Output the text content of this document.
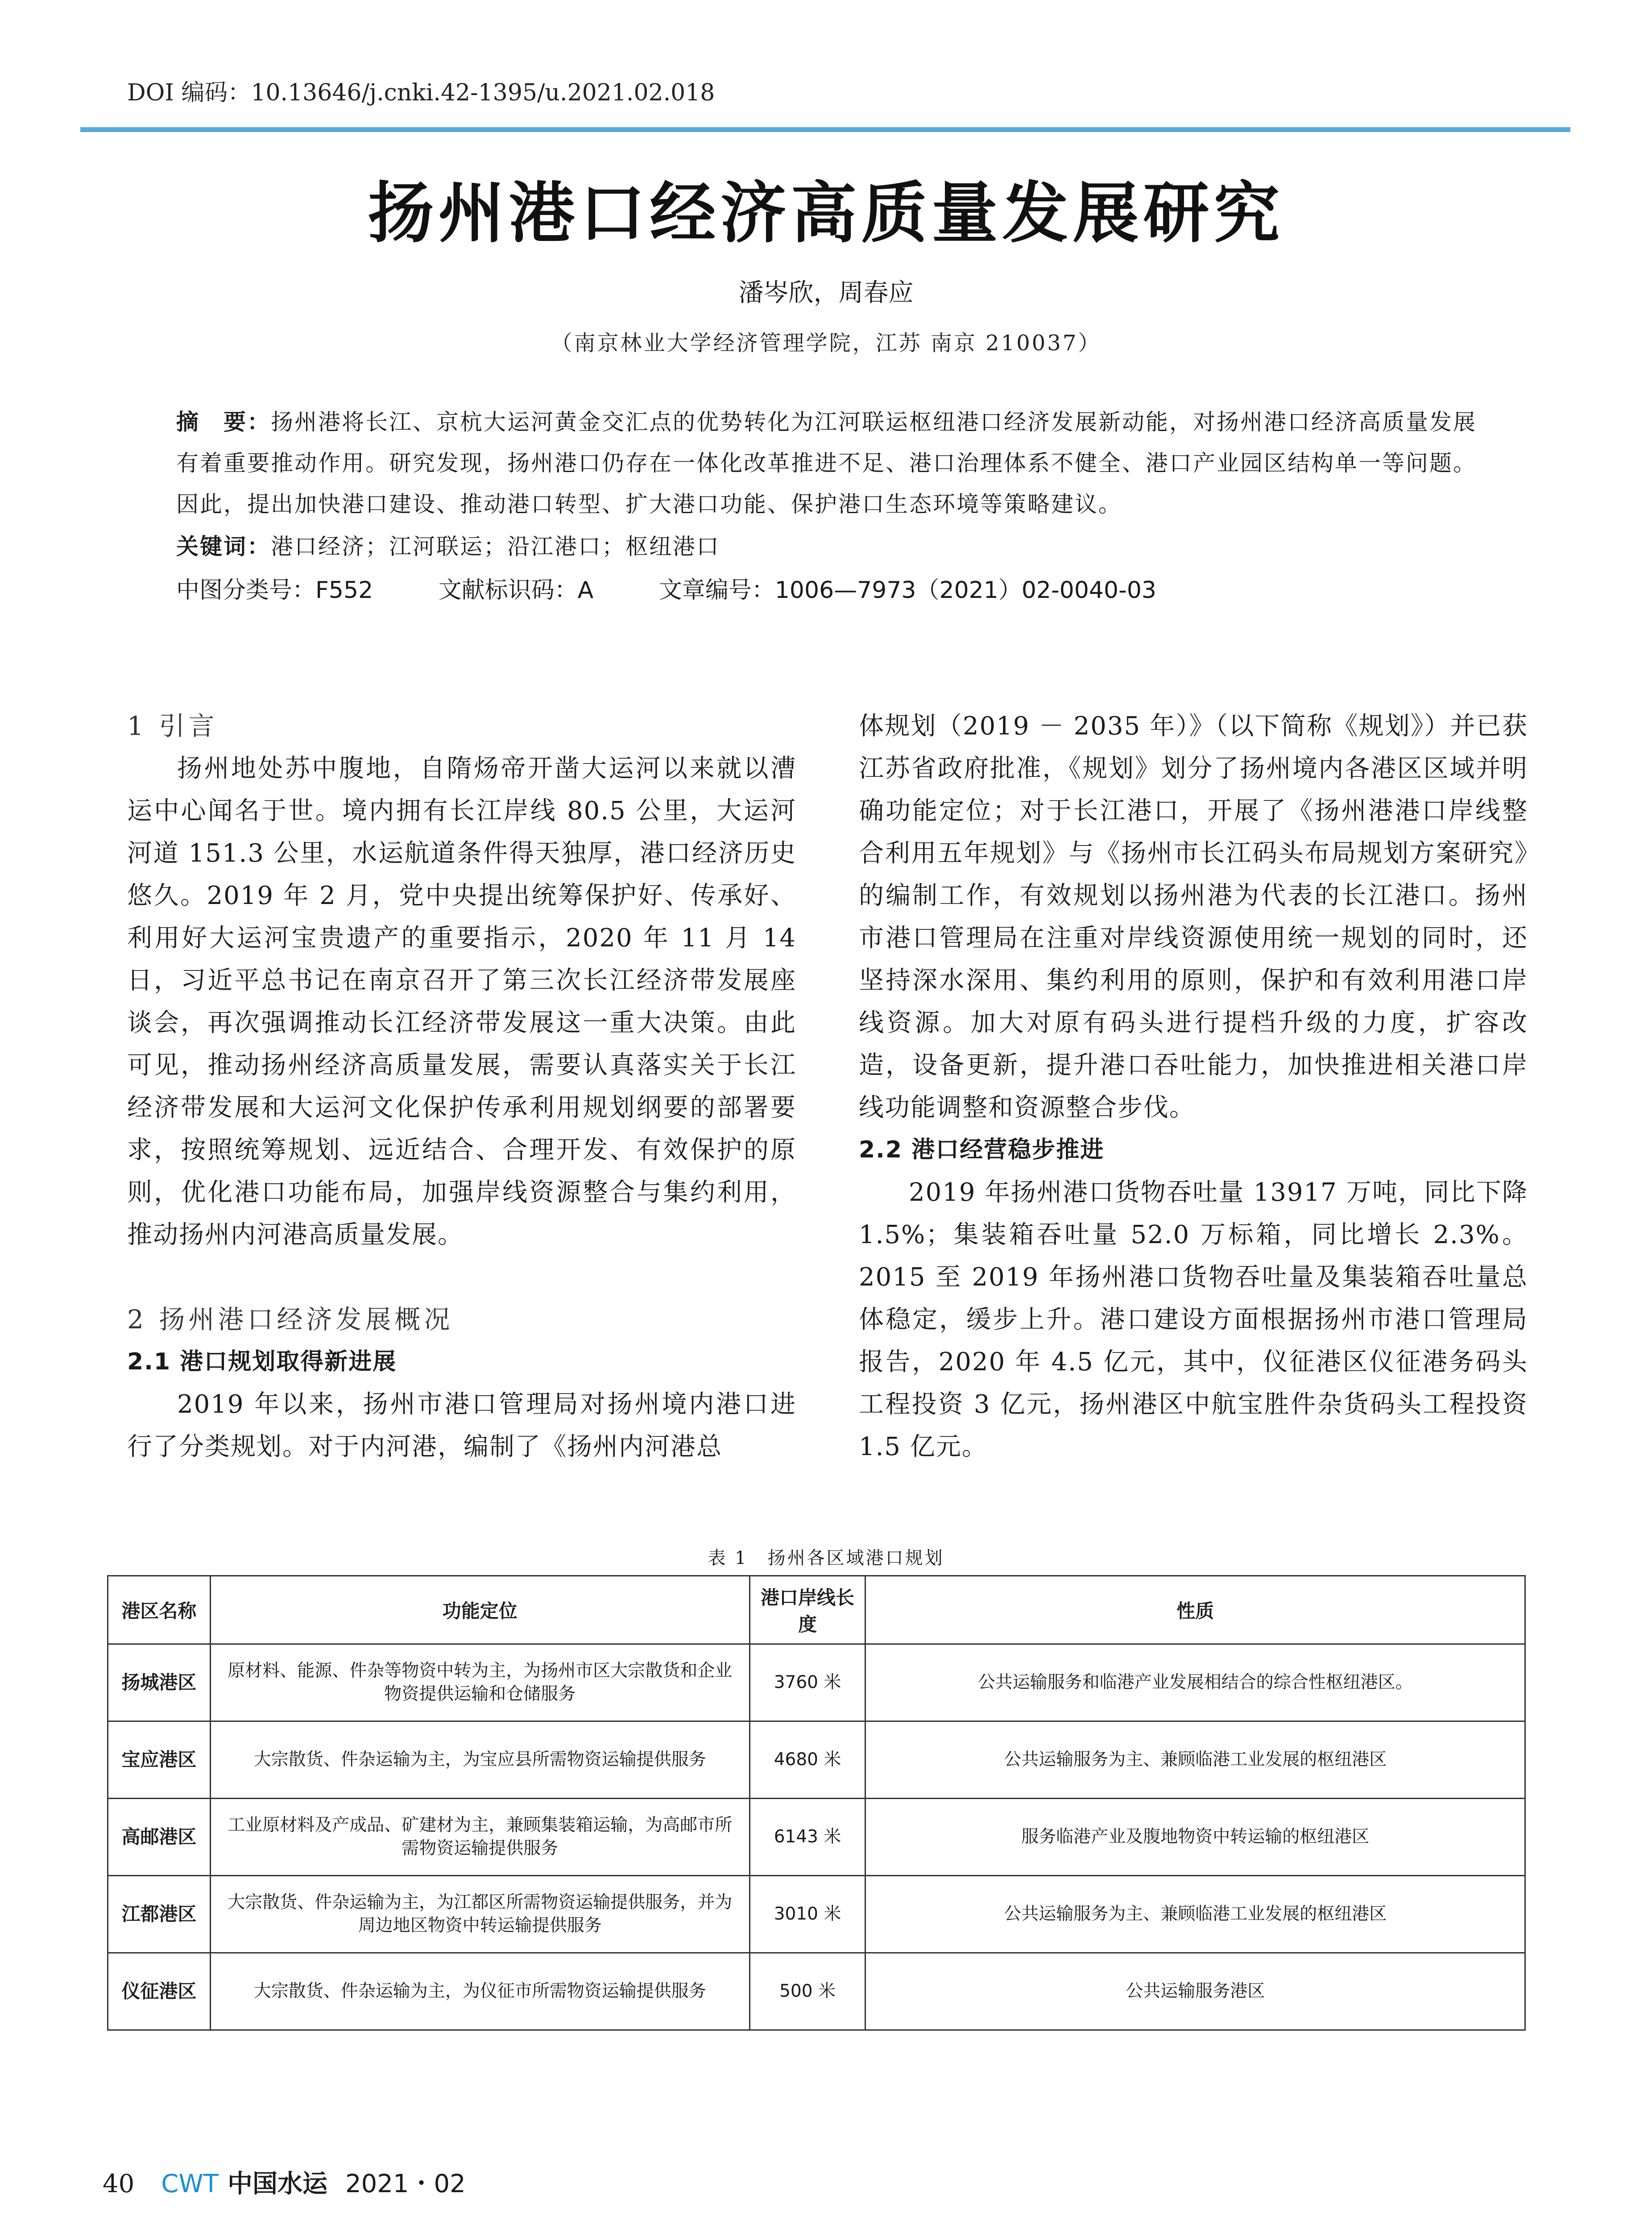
DOI 编码：10.13646/j.cnki.42-1395/u.2021.02.018
扬州港口经济高质量发展研究
潘岑欣，周春应
（南京林业大学经济管理学院，江苏 南京 210037）
摘　要：扬州港将长江、京杭大运河黄金交汇点的优势转化为江河联运枢纽港口经济发展新动能，对扬州港口经济高质量发展有着重要推动作用。研究发现，扬州港口仍存在一体化改革推进不足、港口治理体系不健全、港口产业园区结构单一等问题。因此，提出加快港口建设、推动港口转型、扩大港口功能、保护港口生态环境等策略建议。
关键词：港口经济；江河联运；沿江港口；枢纽港口
中图分类号：F552	文献标识码：A	文章编号：1006—7973（2021）02-0040-03
1 引言

扬州地处苏中腹地，自隋炀帝开凿大运河以来就以漕运中心闻名于世。境内拥有长江岸线 80.5 公里，大运河河道 151.3 公里，水运航道条件得天独厚，港口经济历史悠久。2019 年 2 月，党中央提出统筹保护好、传承好、利用好大运河宝贵遗产的重要指示，2020 年 11 月 14 日，习近平总书记在南京召开了第三次长江经济带发展座谈会，再次强调推动长江经济带发展这一重大决策。由此可见，推动扬州经济高质量发展，需要认真落实关于长江经济带发展和大运河文化保护传承利用规划纲要的部署要求，按照统筹规划、远近结合、合理开发、有效保护的原则，优化港口功能布局，加强岸线资源整合与集约利用，推动扬州内河港高质量发展。

2 扬州港口经济发展概况
2.1 港口规划取得新进展

2019 年以来，扬州市港口管理局对扬州境内港口进行了分类规划。对于内河港，编制了《扬州内河港总

体规划（2019 － 2035 年）》（以下简称《规划》）并已获江苏省政府批准，《规划》划分了扬州境内各港区区域并明确功能定位；对于长江港口，开展了《扬州港港口岸线整合利用五年规划》与《扬州市长江码头布局规划方案研究》的编制工作，有效规划以扬州港为代表的长江港口。扬州市港口管理局在注重对岸线资源使用统一规划的同时，还坚持深水深用、集约利用的原则，保护和有效利用港口岸线资源。加大对原有码头进行提档升级的力度，扩容改造，设备更新，提升港口吞吐能力，加快推进相关港口岸线功能调整和资源整合步伐。

2.2 港口经营稳步推进

2019 年扬州港口货物吞吐量 13917 万吨，同比下降 1.5%；集装箱吞吐量 52.0 万标箱，同比增长 2.3%。2015 至 2019 年扬州港口货物吞吐量及集装箱吞吐量总体稳定，缓步上升。港口建设方面根据扬州市港口管理局报告，2020 年 4.5 亿元，其中，仪征港区仪征港务码头工程投资 3 亿元，扬州港区中航宝胜件杂货码头工程投资 1.5 亿元。

表 1　扬州各区域港口规划
港区名称	功能定位	港口岸线长度	性质
扬城港区	原材料、能源、件杂等物资中转为主，为扬州市区大宗散货和企业物资提供运输和仓储服务	3760 米	公共运输服务和临港产业发展相结合的综合性枢纽港区。
宝应港区	大宗散货、件杂运输为主，为宝应县所需物资运输提供服务	4680 米	公共运输服务为主、兼顾临港工业发展的枢纽港区
高邮港区	工业原材料及产成品、矿建材为主，兼顾集装箱运输，为高邮市所需物资运输提供服务	6143 米	服务临港产业及腹地物资中转运输的枢纽港区
江都港区	大宗散货、件杂运输为主，为江都区所需物资运输提供服务，并为周边地区物资中转运输提供服务	3010 米	公共运输服务为主、兼顾临港工业发展的枢纽港区
仪征港区	大宗散货、件杂运输为主，为仪征市所需物资运输提供服务	500 米	公共运输服务港区
40 CWT 中国水运 2021・02
